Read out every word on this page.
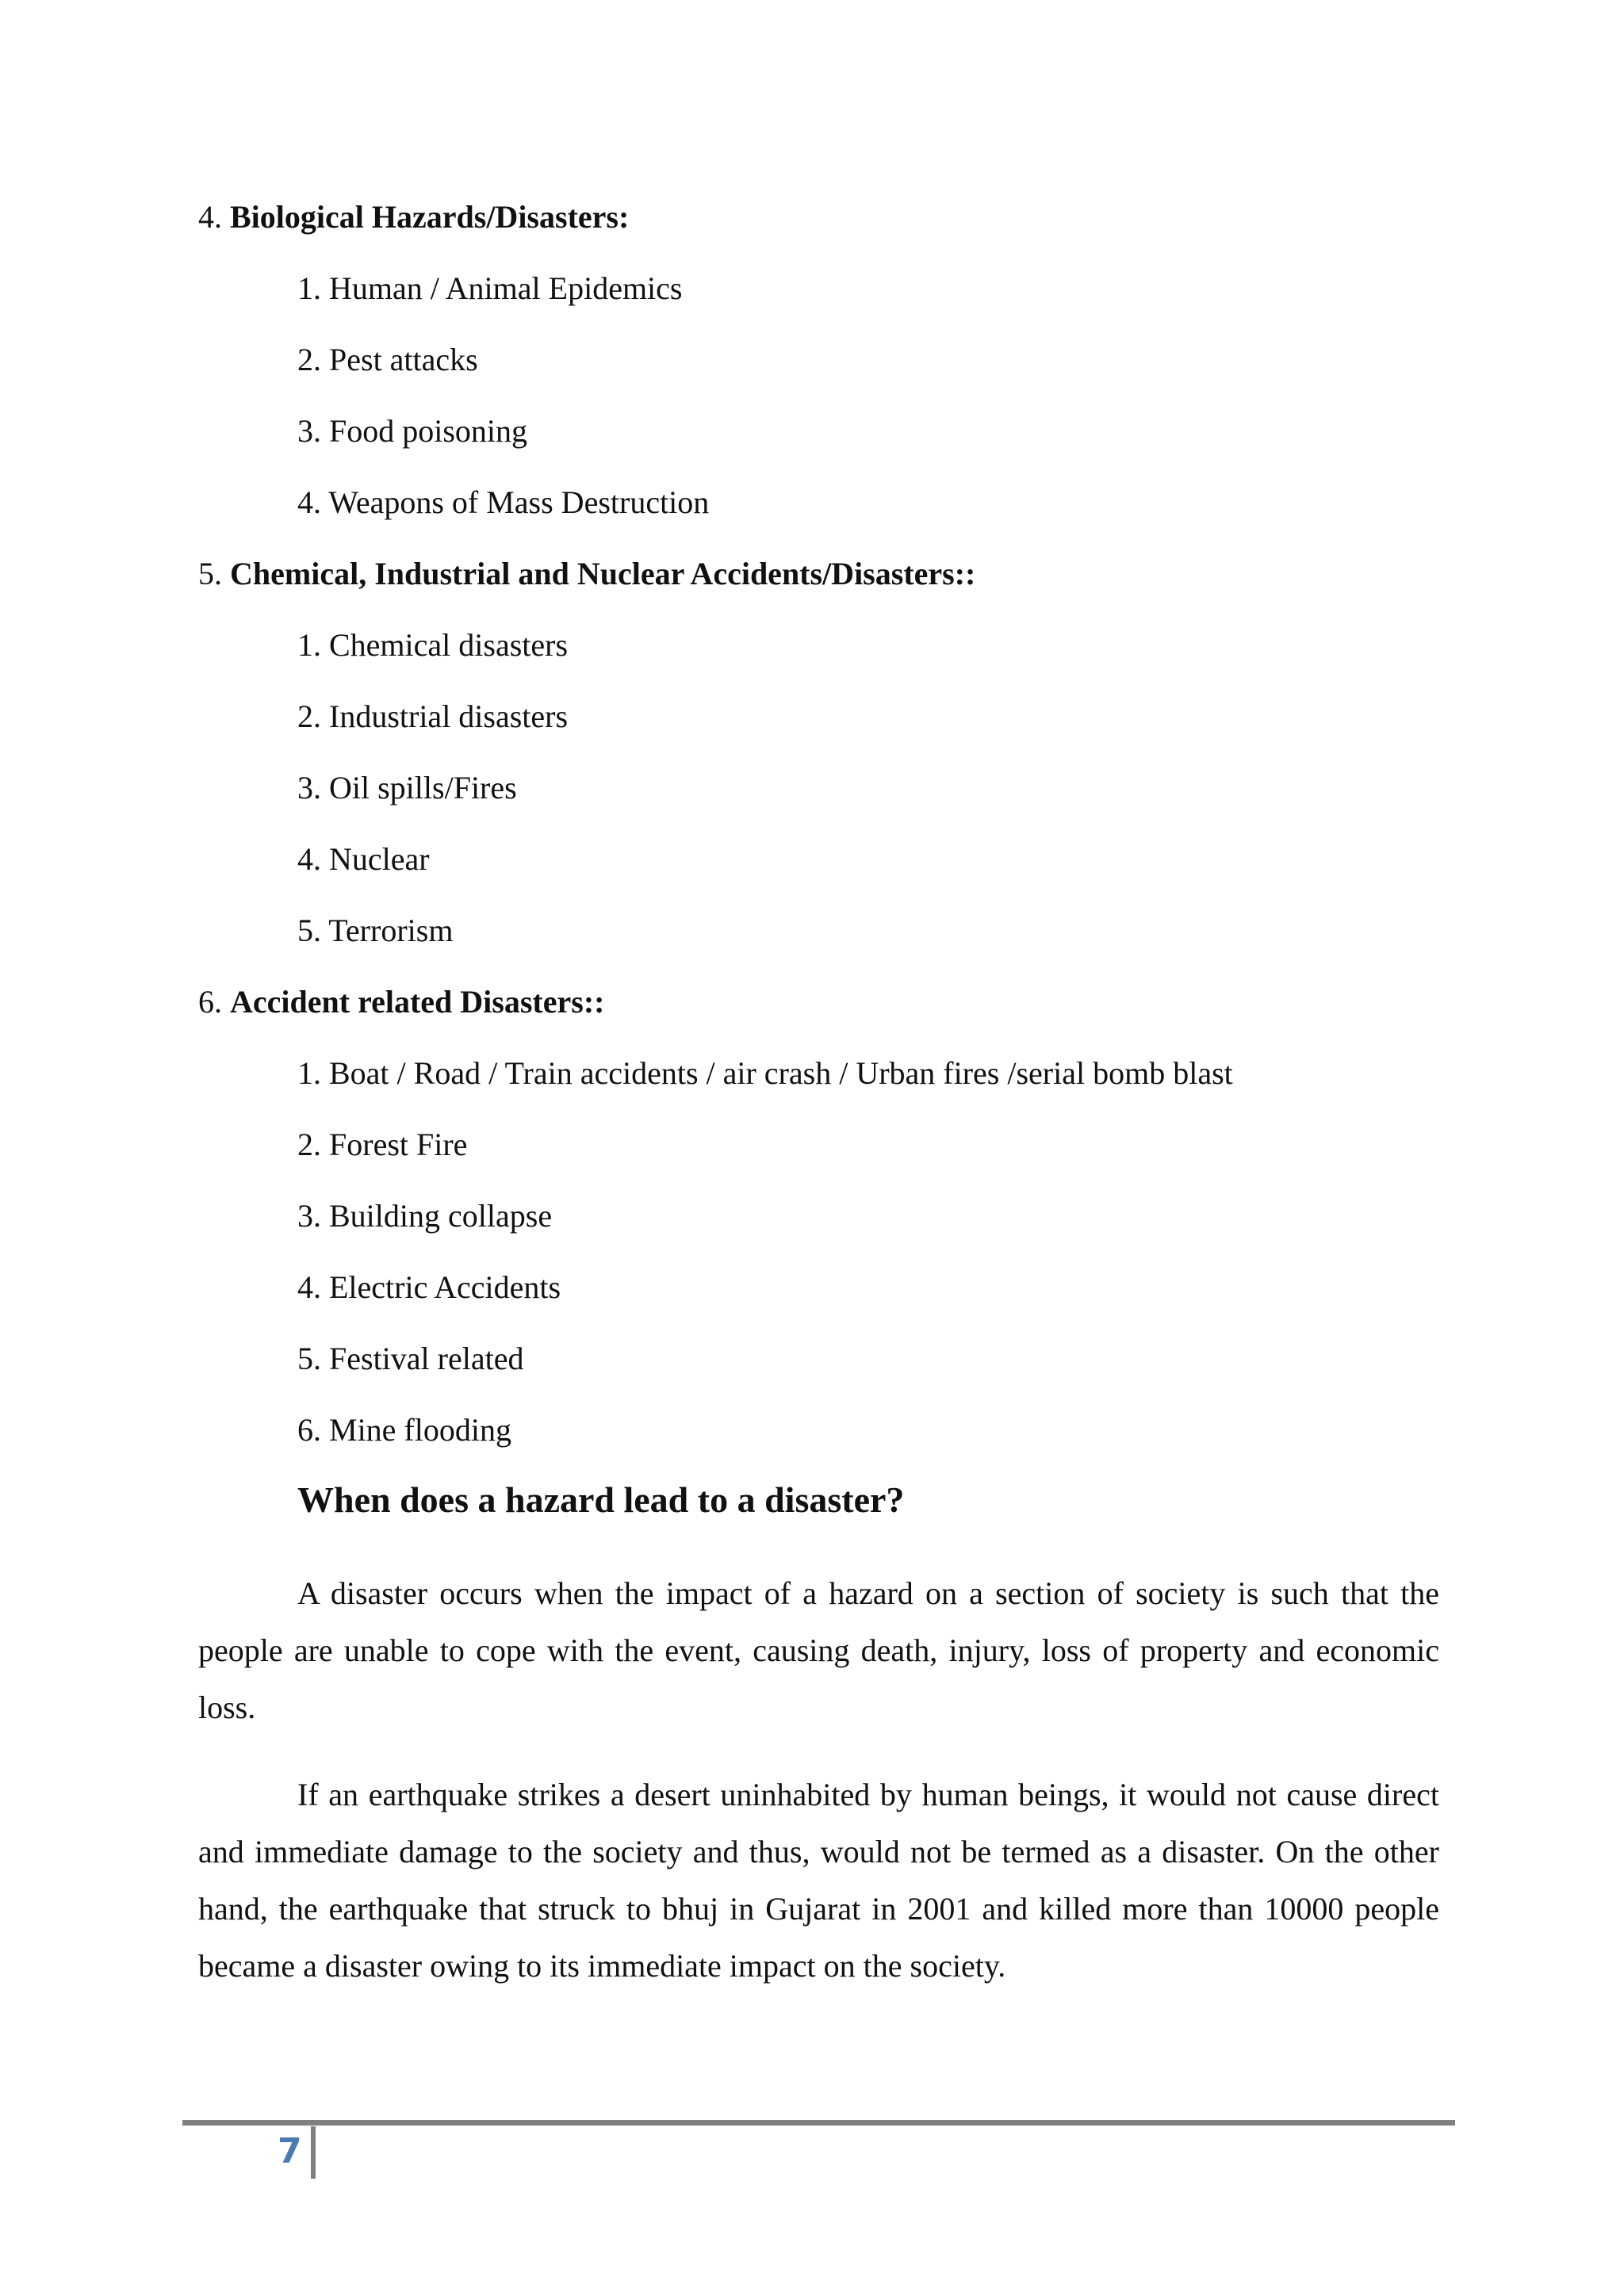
4. Biological Hazards/Disasters:
1. Human / Animal Epidemics
2. Pest attacks
3. Food poisoning
4. Weapons of Mass Destruction
5. Chemical, Industrial and Nuclear Accidents/Disasters::
1. Chemical disasters
2. Industrial disasters
3. Oil spills/Fires
4. Nuclear
5. Terrorism
6. Accident related Disasters::
1. Boat / Road / Train accidents / air crash / Urban fires /serial bomb blast
2. Forest Fire
3. Building collapse
4. Electric Accidents
5. Festival related
6. Mine flooding
When does a hazard lead to a disaster?

A disaster occurs when the impact of a hazard on a section of society is such that the people are unable to cope with the event, causing death, injury, loss of property and economic loss.

If an earthquake strikes a desert uninhabited by human beings, it would not cause direct and immediate damage to the society and thus, would not be termed as a disaster. On the other hand, the earthquake that struck to bhuj in Gujarat in 2001 and killed more than 10000 people became a disaster owing to its immediate impact on the society.

7
